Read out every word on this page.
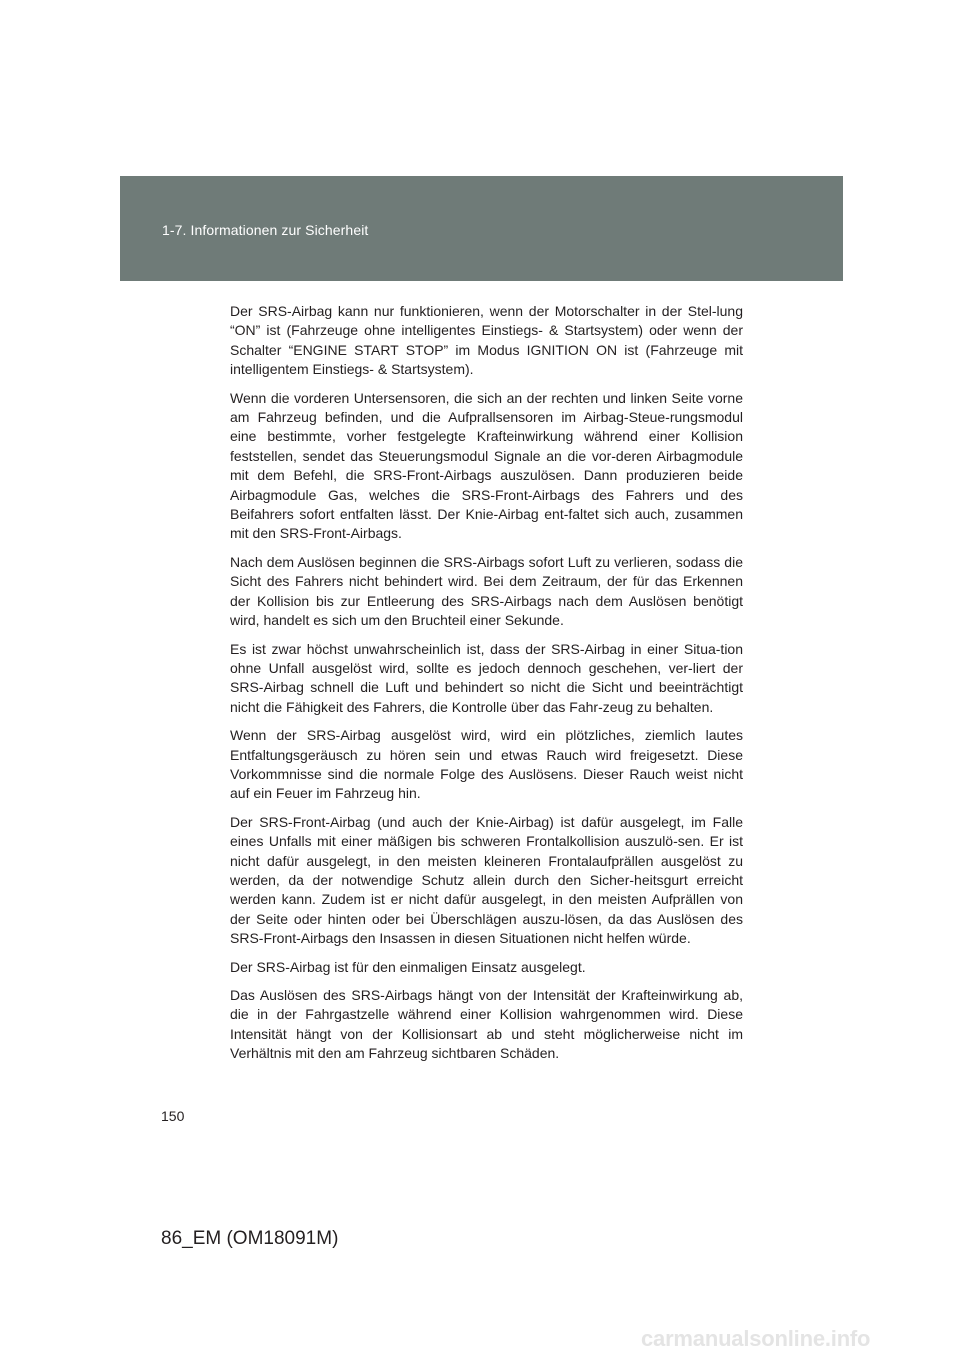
1-7. Informationen zur Sicherheit

Der SRS-Airbag kann nur funktionieren, wenn der Motorschalter in der Stel-lung “ON” ist (Fahrzeuge ohne intelligentes Einstiegs- & Startsystem) oder wenn der Schalter “ENGINE START STOP” im Modus IGNITION ON ist (Fahrzeuge mit intelligentem Einstiegs- & Startsystem).

Wenn die vorderen Untersensoren, die sich an der rechten und linken Seite vorne am Fahrzeug befinden, und die Aufprallsensoren im Airbag-Steue-rungsmodul eine bestimmte, vorher festgelegte Krafteinwirkung während einer Kollision feststellen, sendet das Steuerungsmodul Signale an die vor-deren Airbagmodule mit dem Befehl, die SRS-Front-Airbags auszulösen. Dann produzieren beide Airbagmodule Gas, welches die SRS-Front-Airbags des Fahrers und des Beifahrers sofort entfalten lässt. Der Knie-Airbag ent-faltet sich auch, zusammen mit den SRS-Front-Airbags.

Nach dem Auslösen beginnen die SRS-Airbags sofort Luft zu verlieren, sodass die Sicht des Fahrers nicht behindert wird. Bei dem Zeitraum, der für das Erkennen der Kollision bis zur Entleerung des SRS-Airbags nach dem Auslösen benötigt wird, handelt es sich um den Bruchteil einer Sekunde.

Es ist zwar höchst unwahrscheinlich ist, dass der SRS-Airbag in einer Situa-tion ohne Unfall ausgelöst wird, sollte es jedoch dennoch geschehen, ver-liert der SRS-Airbag schnell die Luft und behindert so nicht die Sicht und beeinträchtigt nicht die Fähigkeit des Fahrers, die Kontrolle über das Fahr-zeug zu behalten.

Wenn der SRS-Airbag ausgelöst wird, wird ein plötzliches, ziemlich lautes Entfaltungsgeräusch zu hören sein und etwas Rauch wird freigesetzt. Diese Vorkommnisse sind die normale Folge des Auslösens. Dieser Rauch weist nicht auf ein Feuer im Fahrzeug hin.

Der SRS-Front-Airbag (und auch der Knie-Airbag) ist dafür ausgelegt, im Falle eines Unfalls mit einer mäßigen bis schweren Frontalkollision auszulö-sen. Er ist nicht dafür ausgelegt, in den meisten kleineren Frontalaufprällen ausgelöst zu werden, da der notwendige Schutz allein durch den Sicher-heitsgurt erreicht werden kann. Zudem ist er nicht dafür ausgelegt, in den meisten Aufprällen von der Seite oder hinten oder bei Überschlägen auszu-lösen, da das Auslösen des SRS-Front-Airbags den Insassen in diesen Situationen nicht helfen würde.

Der SRS-Airbag ist für den einmaligen Einsatz ausgelegt.

Das Auslösen des SRS-Airbags hängt von der Intensität der Krafteinwirkung ab, die in der Fahrgastzelle während einer Kollision wahrgenommen wird. Diese Intensität hängt von der Kollisionsart ab und steht möglicherweise nicht im Verhältnis mit den am Fahrzeug sichtbaren Schäden.

150
86_EM (OM18091M)
carmanualsonline.info
